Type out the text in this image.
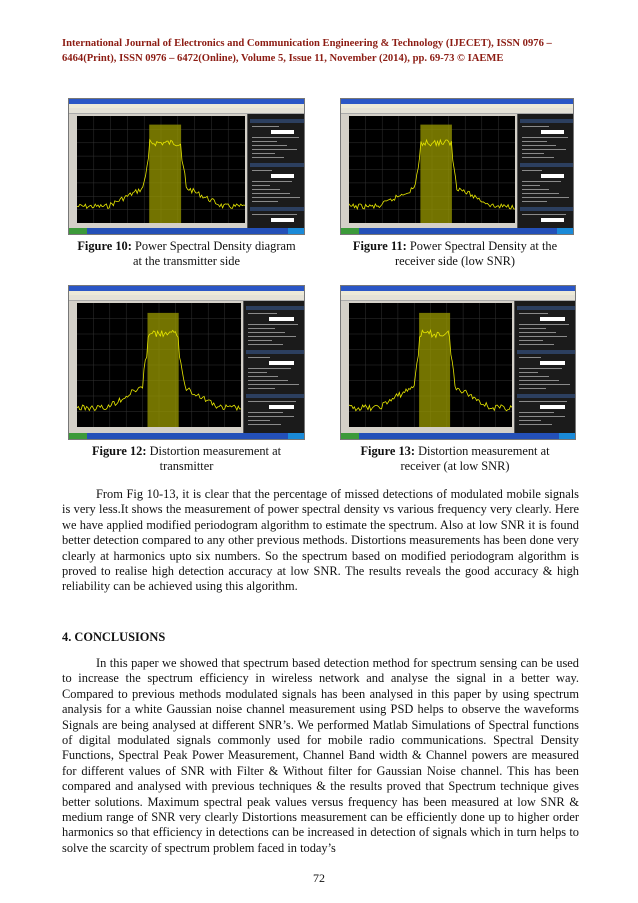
International Journal of Electronics and Communication Engineering & Technology (IJECET), ISSN 0976 –
6464(Print), ISSN 0976 – 6472(Online), Volume 5, Issue 11, November (2014), pp. 69-73 © IAEME
Figure 10: Power Spectral Density diagram
at the transmitter side
Figure 11: Power Spectral Density at the
receiver side (low SNR)
Figure 12: Distortion measurement at
transmitter
Figure 13: Distortion measurement at
receiver (at low SNR)

From Fig 10-13, it is clear that the percentage of missed detections of modulated mobile signals is very less.It shows the measurement of power spectral density vs various frequency very clearly. Here we have applied modified periodogram algorithm to estimate the spectrum. Also at low SNR it is found better detection compared to any other previous methods. Distortions measurements has been done very clearly at harmonics upto six numbers. So the spectrum based on modified periodogram algorithm is proved to realise high detection accuracy at low SNR. The results reveals the good accuracy & high reliability can be achieved using this algorithm.

4. CONCLUSIONS

In this paper we showed that spectrum based detection method for spectrum sensing can be used to increase the spectrum efficiency in wireless network and analyse the signal in a better way. Compared to previous methods modulated signals has been analysed in this paper by using spectrum analysis for a white Gaussian noise channel measurement using PSD helps to observe the waveforms Signals are being analysed at different SNR’s. We performed Matlab Simulations of Spectral functions of digital modulated signals commonly used for mobile radio communications. Spectral Density Functions, Spectral Peak Power Measurement, Channel Band width & Channel powers are measured for different values of SNR with Filter & Without filter for Gaussian Noise channel. This has been compared and analysed with previous techniques & the results proved that Spectrum technique gives better solutions. Maximum spectral peak values versus frequency has been measured at low SNR & medium range of SNR very clearly Distortions measurement can be efficiently done up to higher order harmonics so that efficiency in detections can be increased in detection of signals which in turn helps to solve the scarcity of spectrum problem faced in today’s

72
